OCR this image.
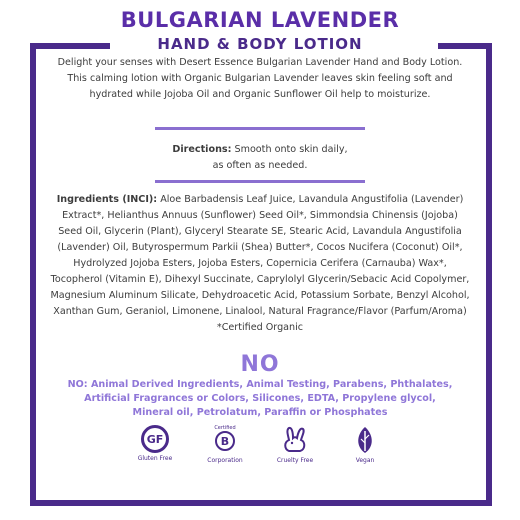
BULGARIAN LAVENDER
HAND & BODY LOTION
Delight your senses with Desert Essence Bulgarian Lavender Hand and Body Lotion. This calming lotion with Organic Bulgarian Lavender leaves skin feeling soft and hydrated while Jojoba Oil and Organic Sunflower Oil help to moisturize.
Directions: Smooth onto skin daily,
as often as needed.
Ingredients (INCI): Aloe Barbadensis Leaf Juice, Lavandula Angustifolia (Lavender) Extract*, Helianthus Annuus (Sunflower) Seed Oil*, Simmondsia Chinensis (Jojoba) Seed Oil, Glycerin (Plant), Glyceryl Stearate SE, Stearic Acid, Lavandula Angustifolia (Lavender) Oil, Butyrospermum Parkii (Shea) Butter*, Cocos Nucifera (Coconut) Oil*, Hydrolyzed Jojoba Esters, Jojoba Esters, Copernicia Cerifera (Carnauba) Wax*, Tocopherol (Vitamin E), Dihexyl Succinate, Caprylolyl Glycerin/Sebacic Acid Copolymer, Magnesium Aluminum Silicate, Dehydroacetic Acid, Potassium Sorbate, Benzyl Alcohol, Xanthan Gum, Geraniol, Limonene, Linalool, Natural Fragrance/Flavor (Parfum/Aroma)
*Certified Organic
NO
NO: Animal Derived Ingredients, Animal Testing, Parabens, Phthalates, Artificial Fragrances or Colors, Silicones, EDTA, Propylene glycol, Mineral oil, Petrolatum, Paraffin or Phosphates
GF
Gluten Free
Certified
B
Corporation	Cruelty Free	Vegan
